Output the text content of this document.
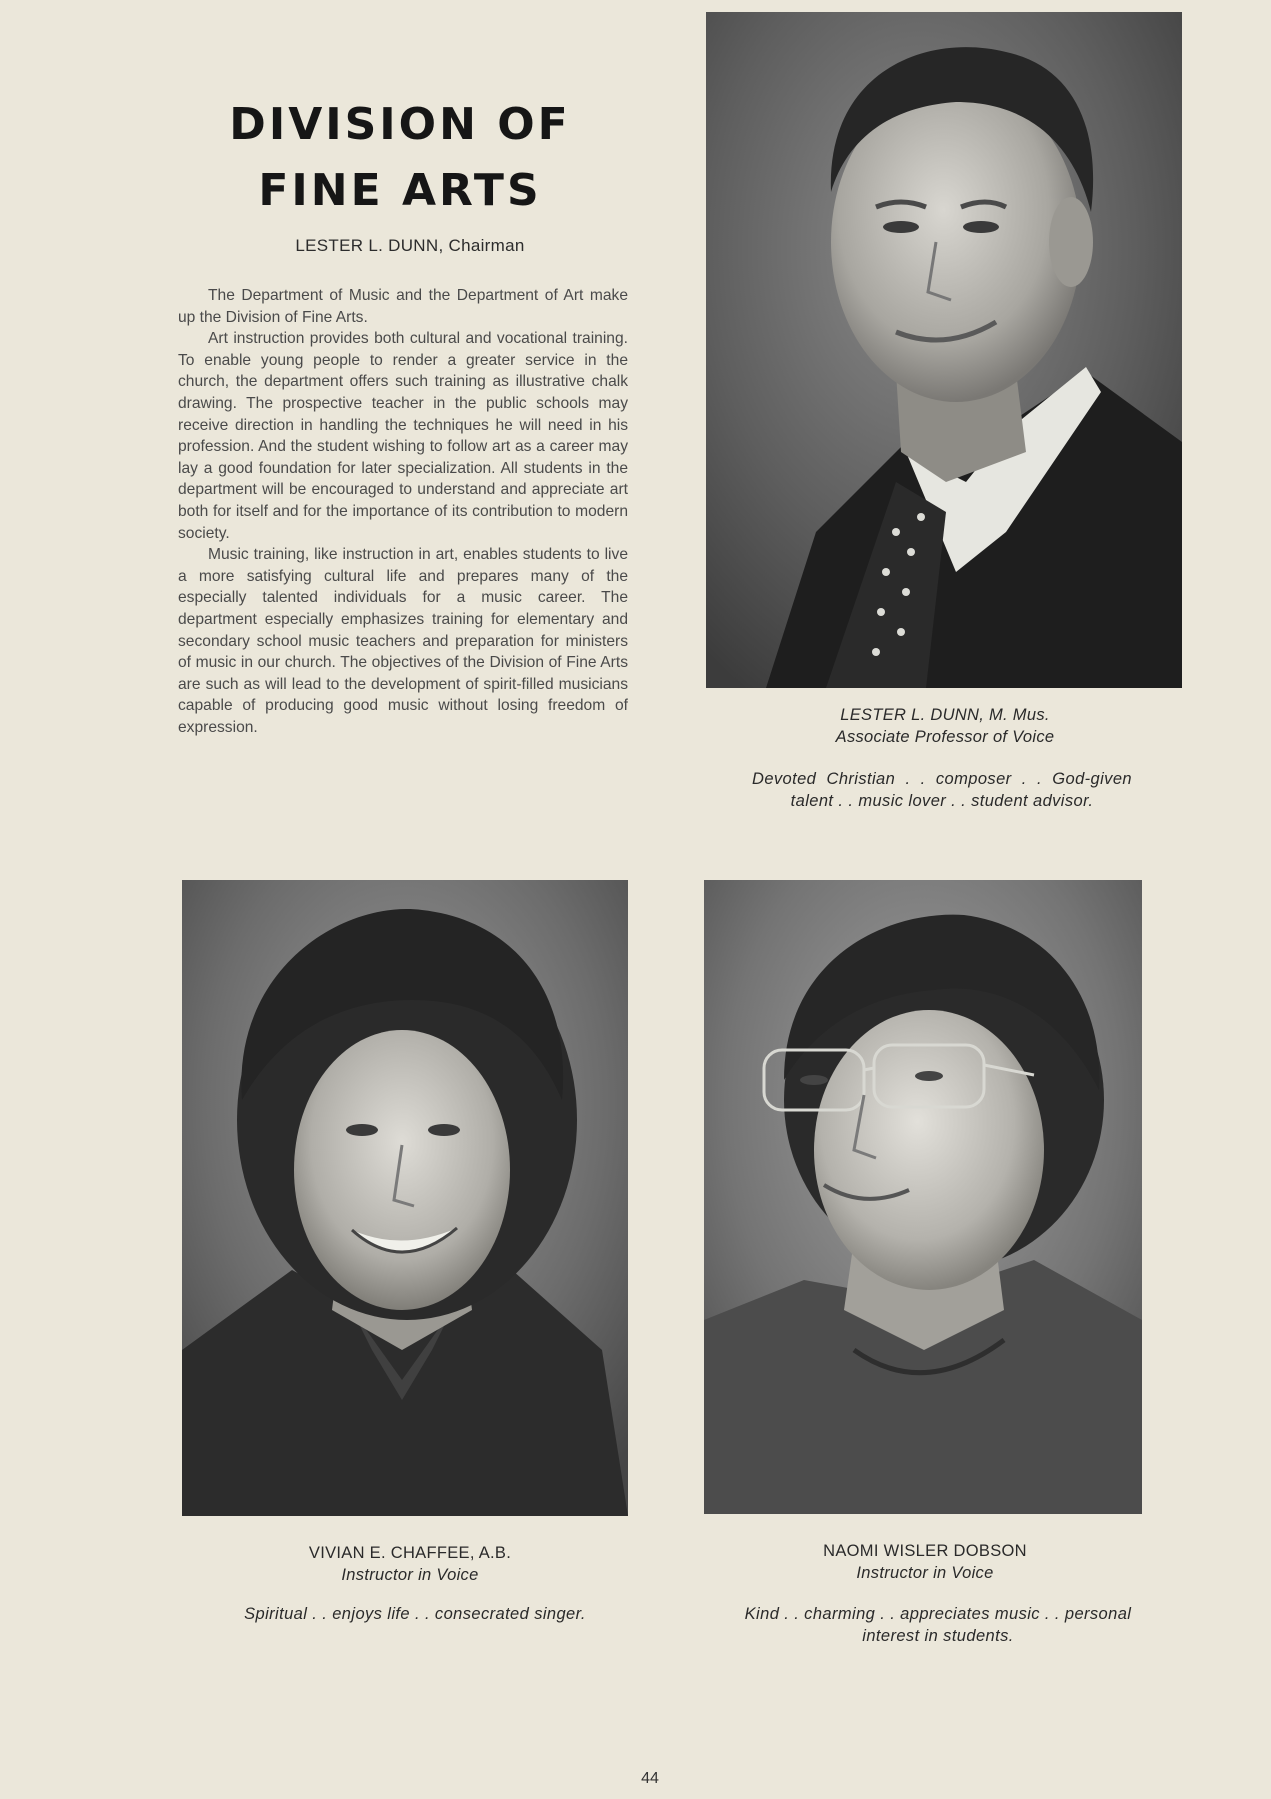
DIVISION OF
FINE ARTS
LESTER L. DUNN, Chairman

The Department of Music and the Department of Art make up the Division of Fine Arts.

Art instruction provides both cultural and vocational training. To enable young people to render a greater service in the church, the department offers such training as illustrative chalk drawing. The prospective teacher in the public schools may receive direction in handling the techniques he will need in his profession. And the student wishing to follow art as a career may lay a good foundation for later specialization. All students in the department will be encouraged to understand and appreciate art both for itself and for the importance of its contribution to modern society.

Music training, like instruction in art, enables students to live a more satisfying cultural life and prepares many of the especially talented individuals for a music career. The department especially emphasizes training for elementary and secondary school music teachers and preparation for ministers of music in our church. The objectives of the Division of Fine Arts are such as will lead to the development of spirit-filled musicians capable of producing good music without losing freedom of expression.

LESTER L. DUNN, M. Mus.
Associate Professor of Voice
Devoted Christian . . composer . . God-given talent . . music lover . . student advisor.
VIVIAN E. CHAFFEE, A.B.
Instructor in Voice
Spiritual . . enjoys life . . consecrated singer.
NAOMI WISLER DOBSON
Instructor in Voice
Kind . . charming . . appreciates music . . personal interest in students.
44
